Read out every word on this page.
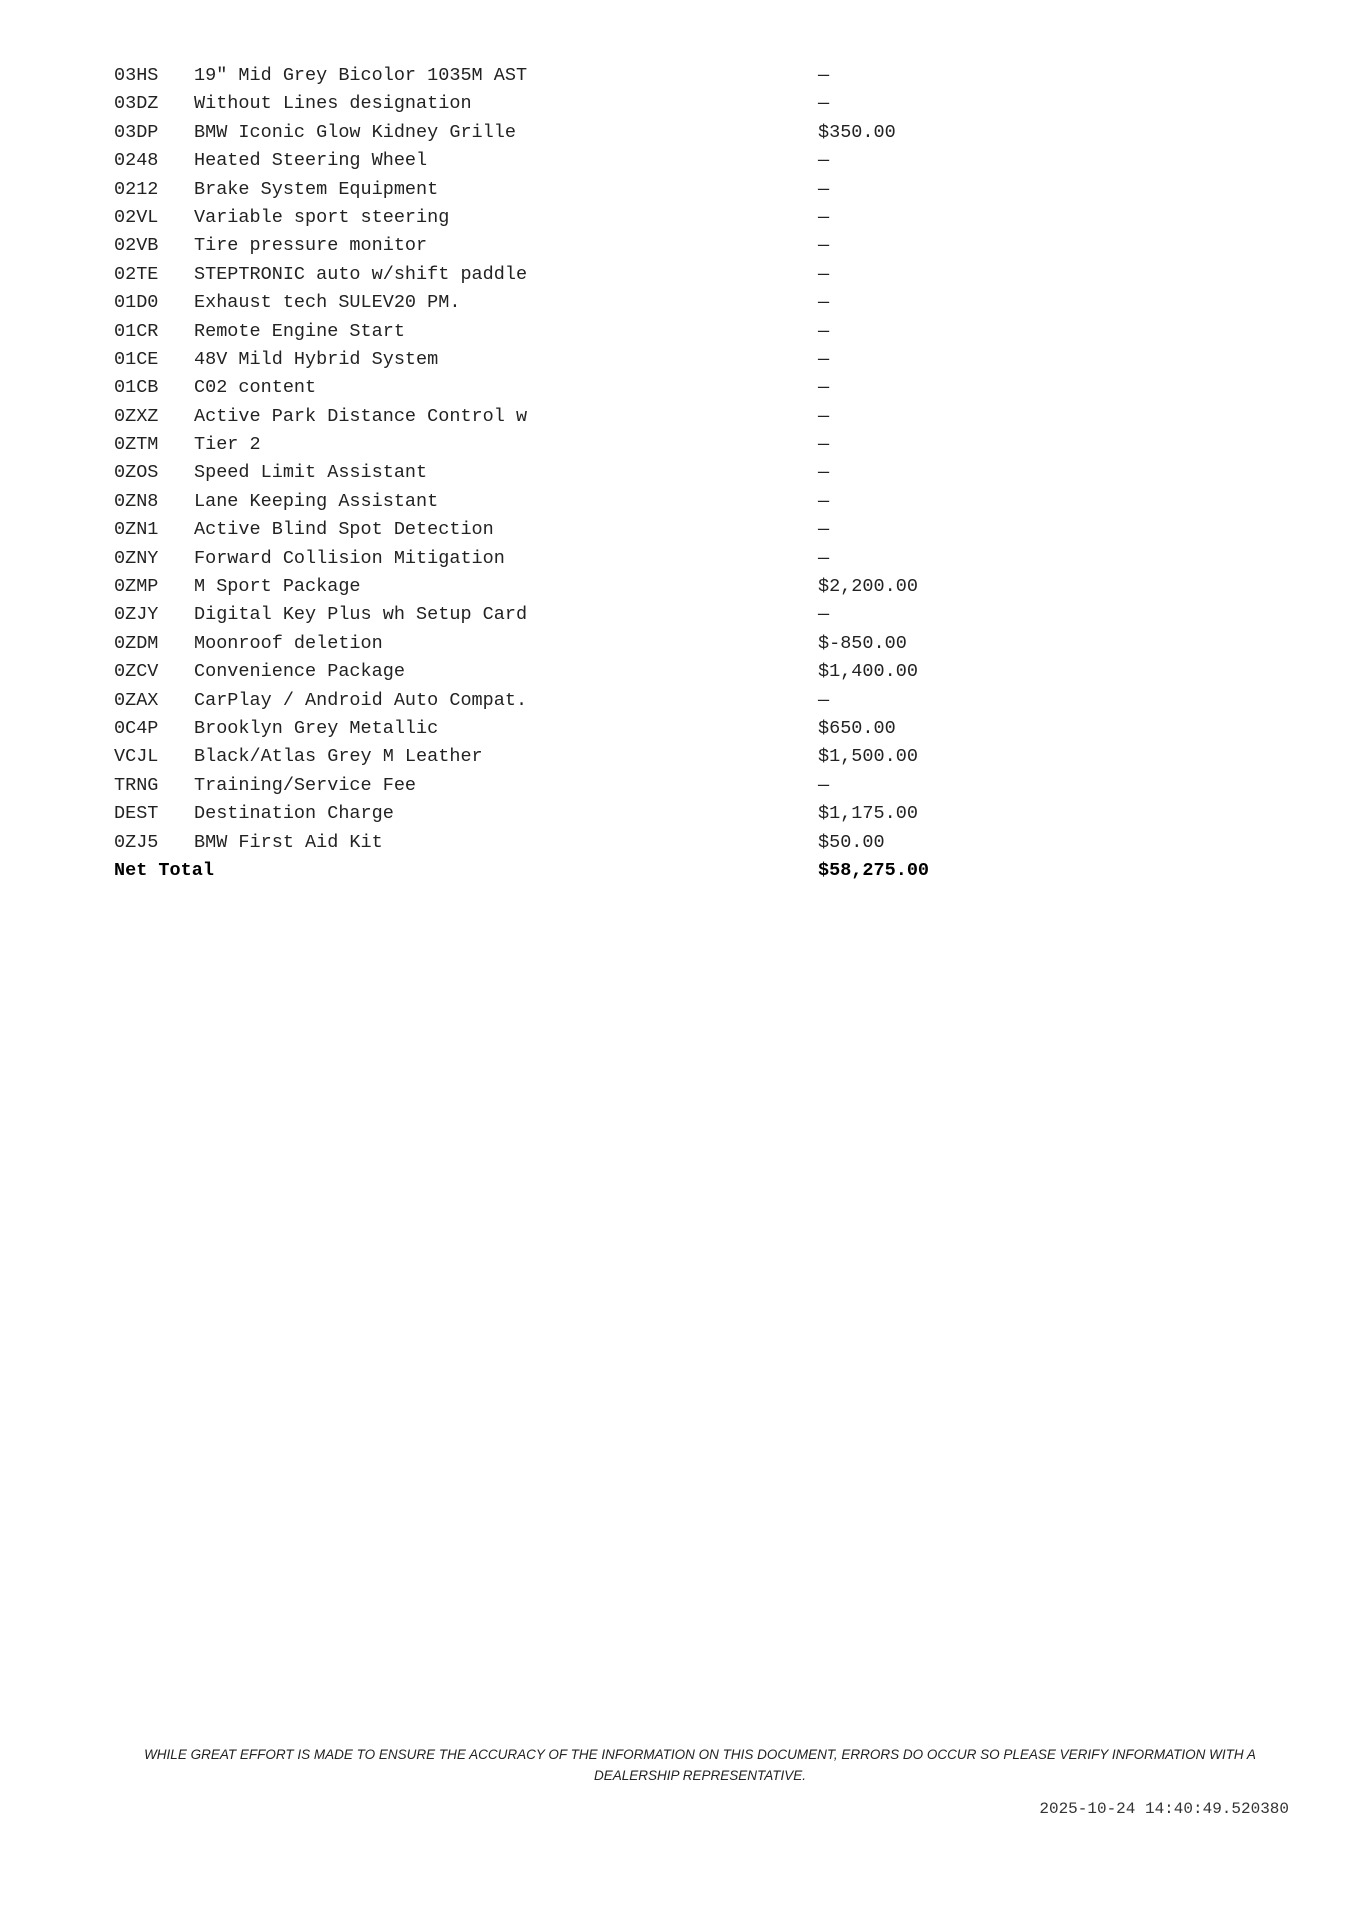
03HS 19" Mid Grey Bicolor 1035M AST	—
03DZ Without Lines designation	—
03DP BMW Iconic Glow Kidney Grille	$350.00
0248 Heated Steering Wheel	—
0212 Brake System Equipment	—
02VL Variable sport steering	—
02VB Tire pressure monitor	—
02TE STEPTRONIC auto w/shift paddle	—
01D0 Exhaust tech SULEV20 PM.	—
01CR Remote Engine Start	—
01CE 48V Mild Hybrid System	—
01CB C02 content	—
0ZXZ Active Park Distance Control w	—
0ZTM Tier 2	—
0ZOS Speed Limit Assistant	—
0ZN8 Lane Keeping Assistant	—
0ZN1 Active Blind Spot Detection	—
0ZNY Forward Collision Mitigation	—
0ZMP M Sport Package	$2,200.00
0ZJY Digital Key Plus wh Setup Card	—
0ZDM Moonroof deletion	$-850.00
0ZCV Convenience Package	$1,400.00
0ZAX CarPlay / Android Auto Compat.	—
0C4P Brooklyn Grey Metallic	$650.00
VCJL Black/Atlas Grey M Leather	$1,500.00
TRNG Training/Service Fee	—
DEST Destination Charge	$1,175.00
0ZJ5 BMW First Aid Kit	$50.00
Net Total	$58,275.00
WHILE GREAT EFFORT IS MADE TO ENSURE THE ACCURACY OF THE INFORMATION ON THIS DOCUMENT, ERRORS DO OCCUR SO PLEASE VERIFY INFORMATION WITH A DEALERSHIP REPRESENTATIVE.
2025-10-24 14:40:49.520380
